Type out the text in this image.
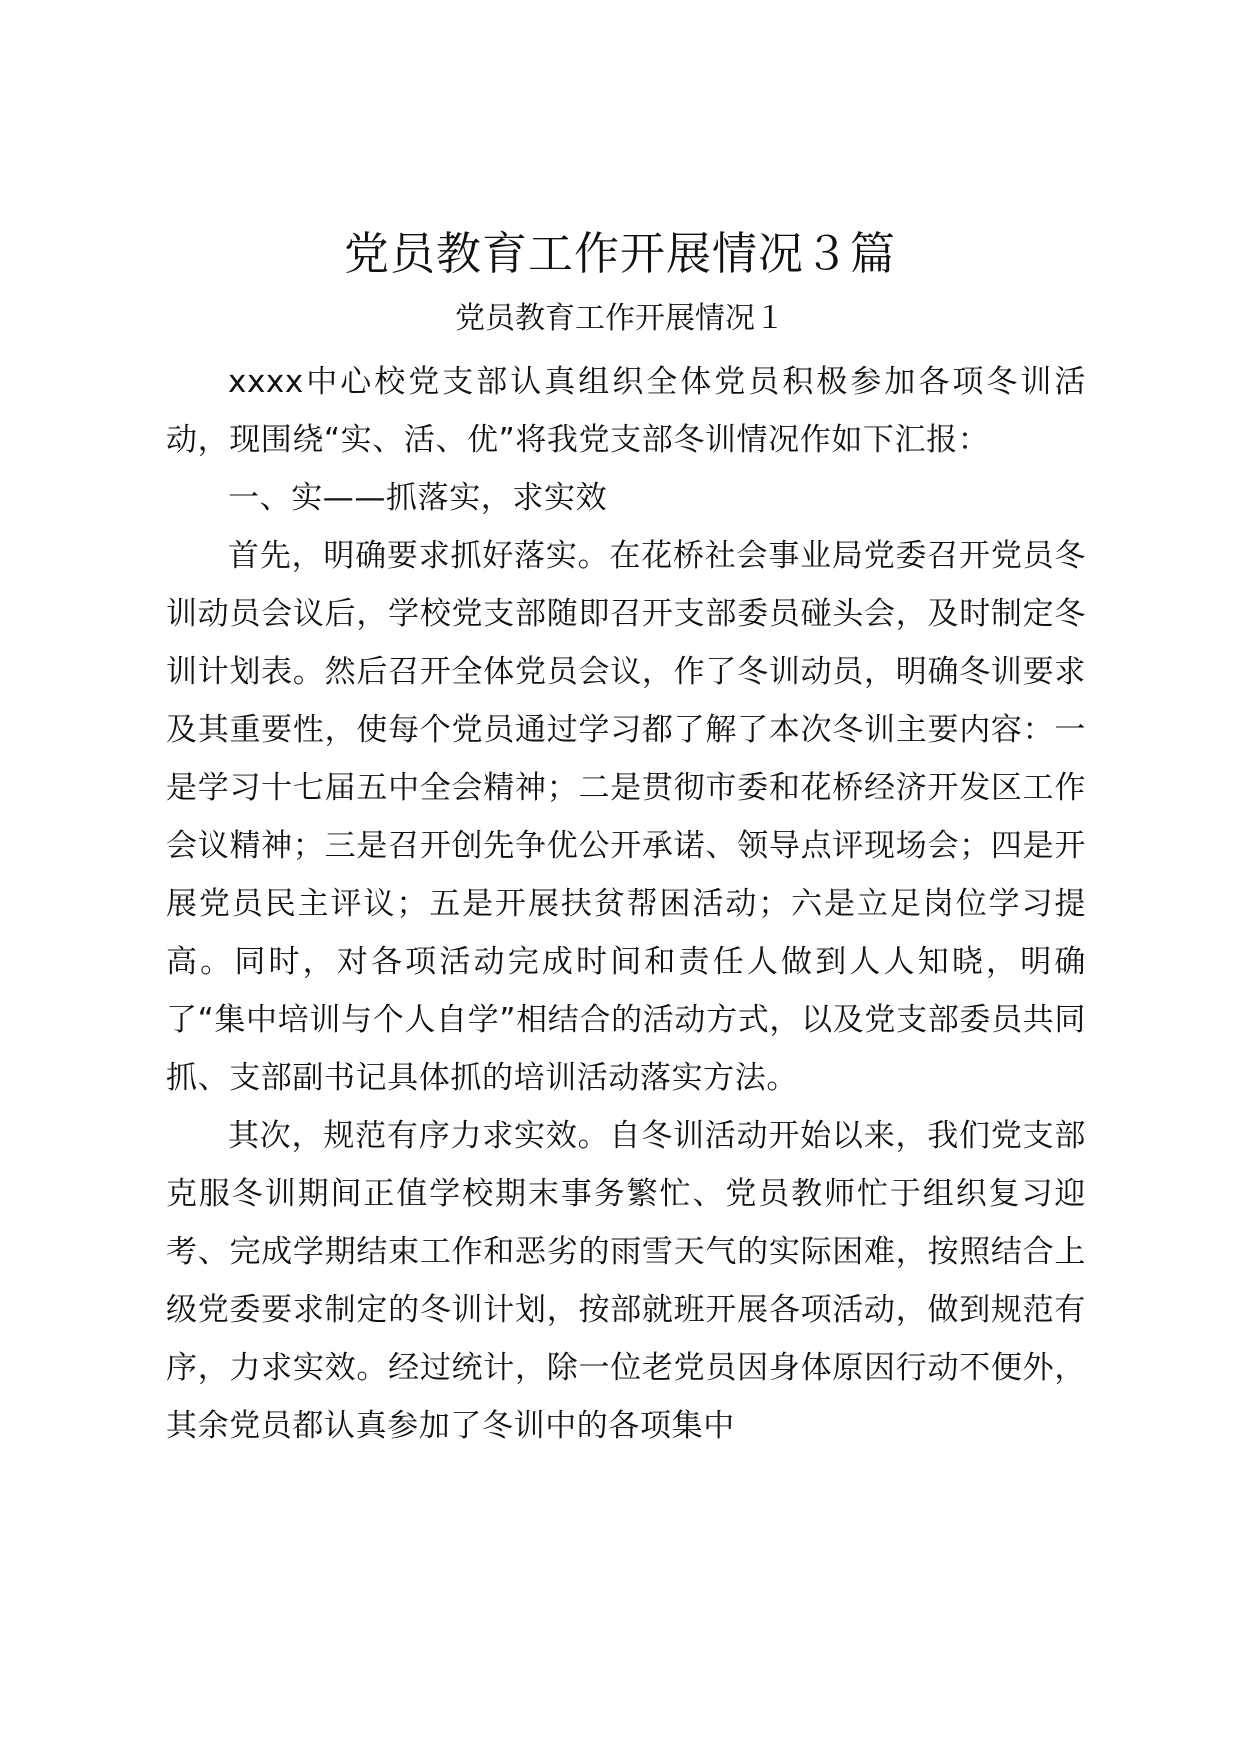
党员教育工作开展情况３篇
党员教育工作开展情况１

xxxx中心校党支部认真组织全体党员积极参加各项冬训活动，现围绕“实、活、优”将我党支部冬训情况作如下汇报：

一、实——抓落实，求实效

首先，明确要求抓好落实。在花桥社会事业局党委召开党员冬训动员会议后，学校党支部随即召开支部委员碰头会，及时制定冬训计划表。然后召开全体党员会议，作了冬训动员，明确冬训要求及其重要性，使每个党员通过学习都了解了本次冬训主要内容：一是学习十七届五中全会精神；二是贯彻市委和花桥经济开发区工作会议精神；三是召开创先争优公开承诺、领导点评现场会；四是开展党员民主评议；五是开展扶贫帮困活动；六是立足岗位学习提高。同时，对各项活动完成时间和责任人做到人人知晓，明确了“集中培训与个人自学”相结合的活动方式，以及党支部委员共同抓、支部副书记具体抓的培训活动落实方法。

其次，规范有序力求实效。自冬训活动开始以来，我们党支部克服冬训期间正值学校期末事务繁忙、党员教师忙于组织复习迎考、完成学期结束工作和恶劣的雨雪天气的实际困难，按照结合上级党委要求制定的冬训计划，按部就班开展各项活动，做到规范有序，力求实效。经过统计，除一位老党员因身体原因行动不便外，其余党员都认真参加了冬训中的各项集中
